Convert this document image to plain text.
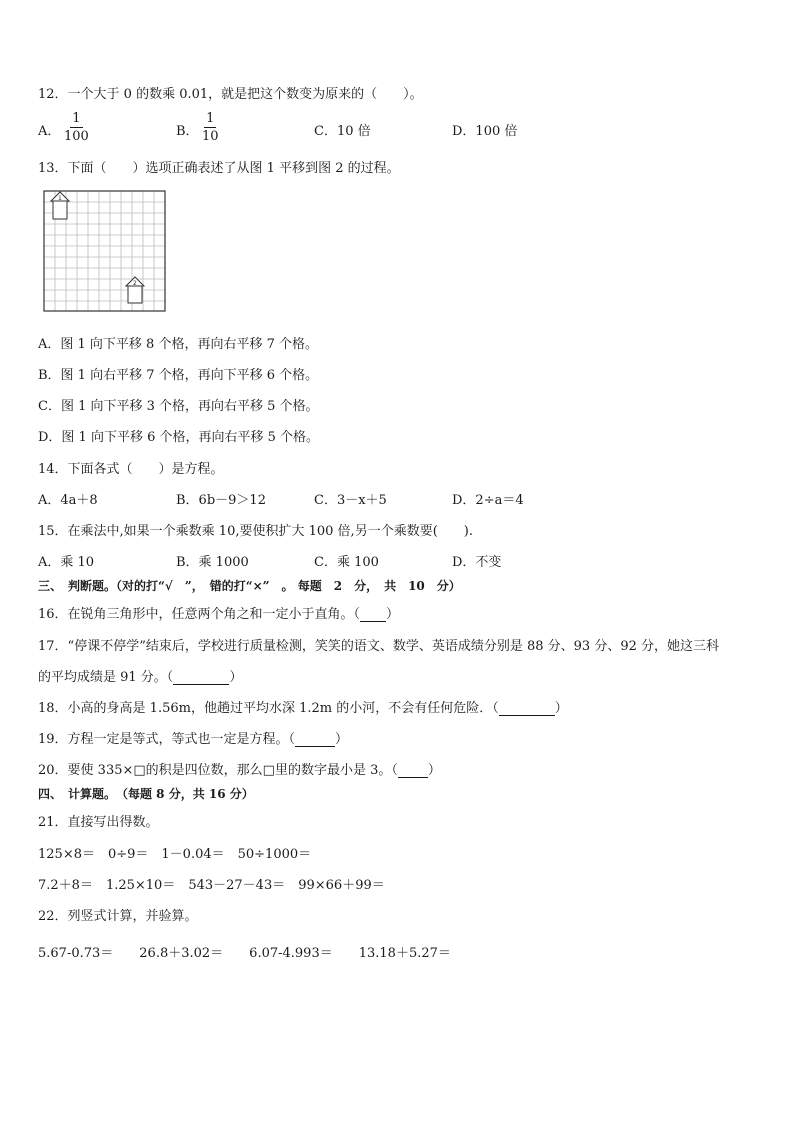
12．一个大于 0 的数乘 0.01，就是把这个数变为原来的（　　）。
A． $\frac{1}{100}$	B． $\frac{1}{10}$	C．10 倍	D．100 倍
13．下面（　　）选项正确表述了从图 1 平移到图 2 的过程。
1
2
A．图 1 向下平移 8 个格，再向右平移 7 个格。
B．图 1 向右平移 7 个格，再向下平移 6 个格。
C．图 1 向下平移 3 个格，再向右平移 5 个格。
D．图 1 向下平移 6 个格，再向右平移 5 个格。
14．下面各式（　　）是方程。
A．4a＋8	B．6b－9＞12	C．3－x＋5	D．2÷a＝4
15．在乘法中,如果一个乘数乘 10,要使积扩大 100 倍,另一个乘数要(　　).
A．乘 10	B．乘 1000	C．乘 100	D．不变
三、　判断题。（对的打“√　”，　错的打“×”　。 每题　2　分，　共　10　分）
16．在锐角三角形中，任意两个角之和一定小于直角。（ ）
17．“停课不停学”结束后，学校进行质量检测，笑笑的语文、数学、英语成绩分别是 88 分、93 分、92 分，她这三科
的平均成绩是 91 分。（	）
18．小高的身高是 1.56m，他趟过平均水深 1.2m 的小河，不会有任何危险．（	）
19．方程一定是等式，等式也一定是方程。（	）
20．要使 335×□的积是四位数，那么□里的数字最小是 3。（ ）
四、　计算题。　（每题 8 分，共 16 分）
21．直接写出得数。
125×8＝　0÷9＝　1－0.04＝　50÷1000＝
7.2＋8＝　1.25×10＝　543－27－43＝　99×66＋99＝
22．列竖式计算，并验算。
5.67-0.73＝　　26.8＋3.02＝　　6.07-4.993＝　　13.18＋5.27＝
